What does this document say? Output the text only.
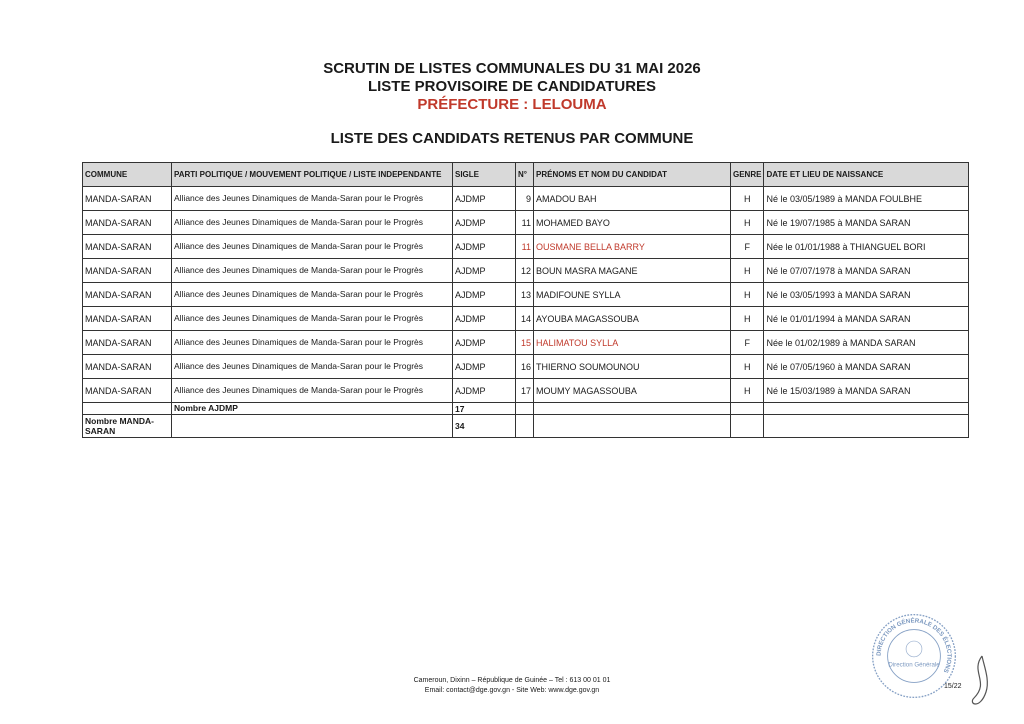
SCRUTIN DE LISTES COMMUNALES DU 31 MAI 2026
LISTE PROVISOIRE DE CANDIDATURES
PRÉFECTURE : LELOUMA
LISTE DES CANDIDATS RETENUS PAR COMMUNE
COMMUNE	PARTI POLITIQUE / MOUVEMENT POLITIQUE / LISTE INDEPENDANTE	SIGLE	N°	PRÉNOMS ET NOM DU CANDIDAT	GENRE	DATE ET LIEU DE NAISSANCE
MANDA-SARAN	Alliance des Jeunes Dinamiques de Manda-Saran pour le Progrès	AJDMP	9	AMADOU BAH	H	Né le 03/05/1989 à MANDA FOULBHE
MANDA-SARAN	Alliance des Jeunes Dinamiques de Manda-Saran pour le Progrès	AJDMP	11	MOHAMED BAYO	H	Né le 19/07/1985 à MANDA SARAN
MANDA-SARAN	Alliance des Jeunes Dinamiques de Manda-Saran pour le Progrès	AJDMP	11	OUSMANE BELLA BARRY	F	Née le 01/01/1988 à THIANGUEL BORI
MANDA-SARAN	Alliance des Jeunes Dinamiques de Manda-Saran pour le Progrès	AJDMP	12	BOUN MASRA MAGANE	H	Né le 07/07/1978 à MANDA SARAN
MANDA-SARAN	Alliance des Jeunes Dinamiques de Manda-Saran pour le Progrès	AJDMP	13	MADIFOUNE SYLLA	H	Né le 03/05/1993 à MANDA SARAN
MANDA-SARAN	Alliance des Jeunes Dinamiques de Manda-Saran pour le Progrès	AJDMP	14	AYOUBA MAGASSOUBA	H	Né le 01/01/1994 à MANDA SARAN
MANDA-SARAN	Alliance des Jeunes Dinamiques de Manda-Saran pour le Progrès	AJDMP	15	HALIMATOU SYLLA	F	Née le 01/02/1989 à MANDA SARAN
MANDA-SARAN	Alliance des Jeunes Dinamiques de Manda-Saran pour le Progrès	AJDMP	16	THIERNO SOUMOUNOU	H	Né le 07/05/1960 à MANDA SARAN
MANDA-SARAN	Alliance des Jeunes Dinamiques de Manda-Saran pour le Progrès	AJDMP	17	MOUMY MAGASSOUBA	H	Né le 15/03/1989 à MANDA SARAN
	Nombre AJDMP	17				
Nombre MANDA-SARAN		34				
Cameroun, Dixinn – République de Guinée – Tel : 613 00 01 01
Email: contact@dge.gov.gn - Site Web: www.dge.gov.gn
15/22
DIRECTION GÉNÉRALE DES ÉLECTIONS
Direction Générale
